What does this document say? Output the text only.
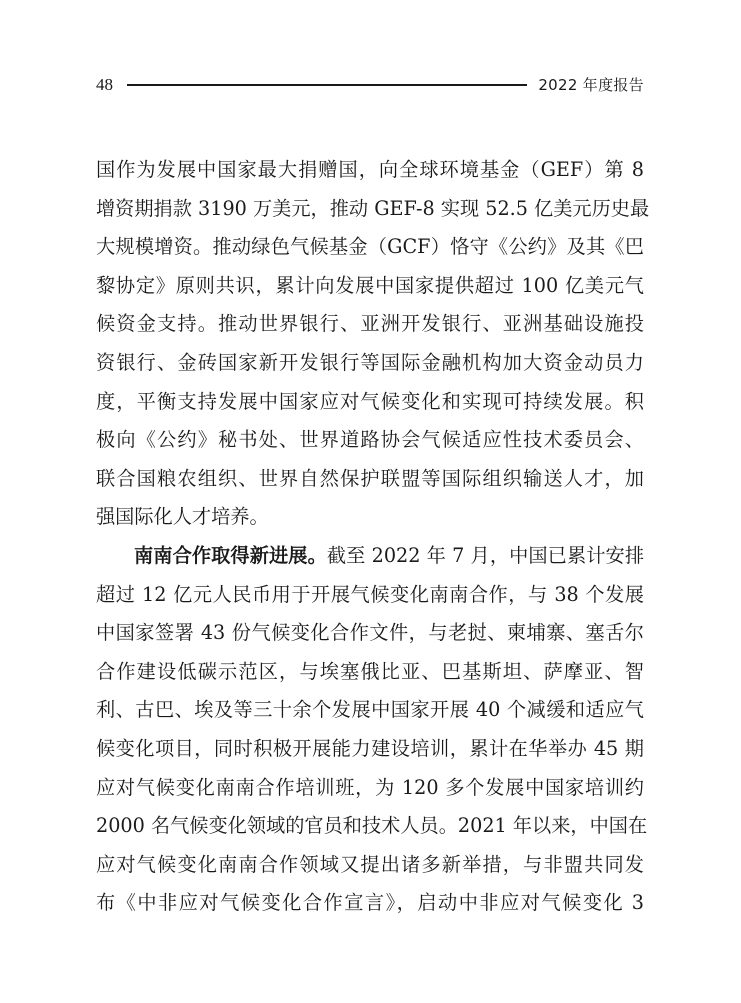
48	2022 年度报告
国作为发展中国家最大捐赠国，向全球环境基金（GEF）第 8
增资期捐款 3190 万美元，推动 GEF-8 实现 52.5 亿美元历史最
大规模增资。推动绿色气候基金（GCF）恪守《公约》及其《巴
黎协定》原则共识，累计向发展中国家提供超过 100 亿美元气
候资金支持。推动世界银行、亚洲开发银行、亚洲基础设施投
资银行、金砖国家新开发银行等国际金融机构加大资金动员力
度，平衡支持发展中国家应对气候变化和实现可持续发展。积
极向《公约》秘书处、世界道路协会气候适应性技术委员会、
联合国粮农组织、世界自然保护联盟等国际组织输送人才，加
强国际化人才培养。
南南合作取得新进展。截至 2022 年 7 月，中国已累计安排
超过 12 亿元人民币用于开展气候变化南南合作，与 38 个发展
中国家签署 43 份气候变化合作文件，与老挝、柬埔寨、塞舌尔
合作建设低碳示范区，与埃塞俄比亚、巴基斯坦、萨摩亚、智
利、古巴、埃及等三十余个发展中国家开展 40 个减缓和适应气
候变化项目，同时积极开展能力建设培训，累计在华举办 45 期
应对气候变化南南合作培训班，为 120 多个发展中国家培训约
2000 名气候变化领域的官员和技术人员。2021 年以来，中国在
应对气候变化南南合作领域又提出诸多新举措，与非盟共同发
布《中非应对气候变化合作宣言》，启动中非应对气候变化 3
